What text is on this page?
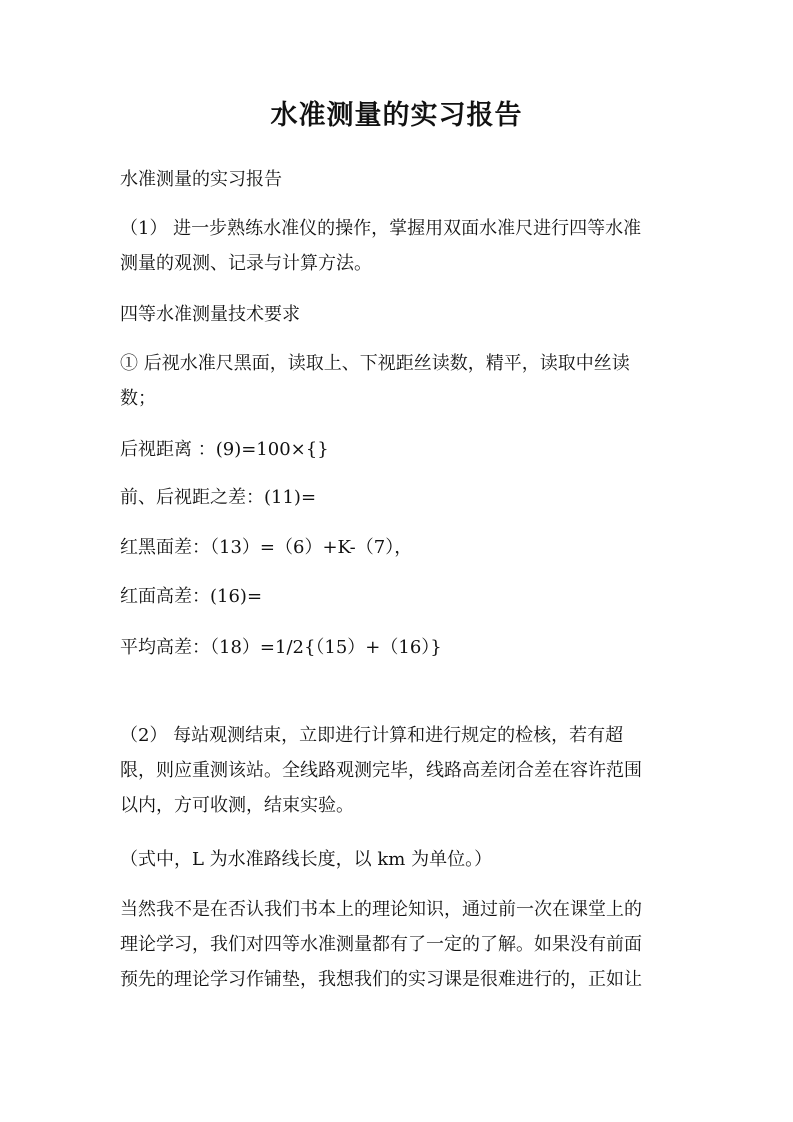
水准测量的实习报告
水准测量的实习报告
（1） 进一步熟练水准仪的操作，掌握用双面水准尺进行四等水准
测量的观测、记录与计算方法。
四等水准测量技术要求
① 后视水准尺黑面，读取上、下视距丝读数，精平，读取中丝读
数；
后视距离 ：(9)=100×{}
前、后视距之差：(11)=
红黑面差：（13）=（6）+K-（7），
红面高差：(16)=
平均高差：（18）=1/2{（15）+（16）}
（2） 每站观测结束，立即进行计算和进行规定的检核，若有超
限，则应重测该站。全线路观测完毕，线路高差闭合差在容许范围
以内，方可收测，结束实验。
（式中，L 为水准路线长度，以 km 为单位。）
当然我不是在否认我们书本上的理论知识，通过前一次在课堂上的
理论学习，我们对四等水准测量都有了一定的了解。如果没有前面
预先的理论学习作铺垫，我想我们的实习课是很难进行的，正如让
